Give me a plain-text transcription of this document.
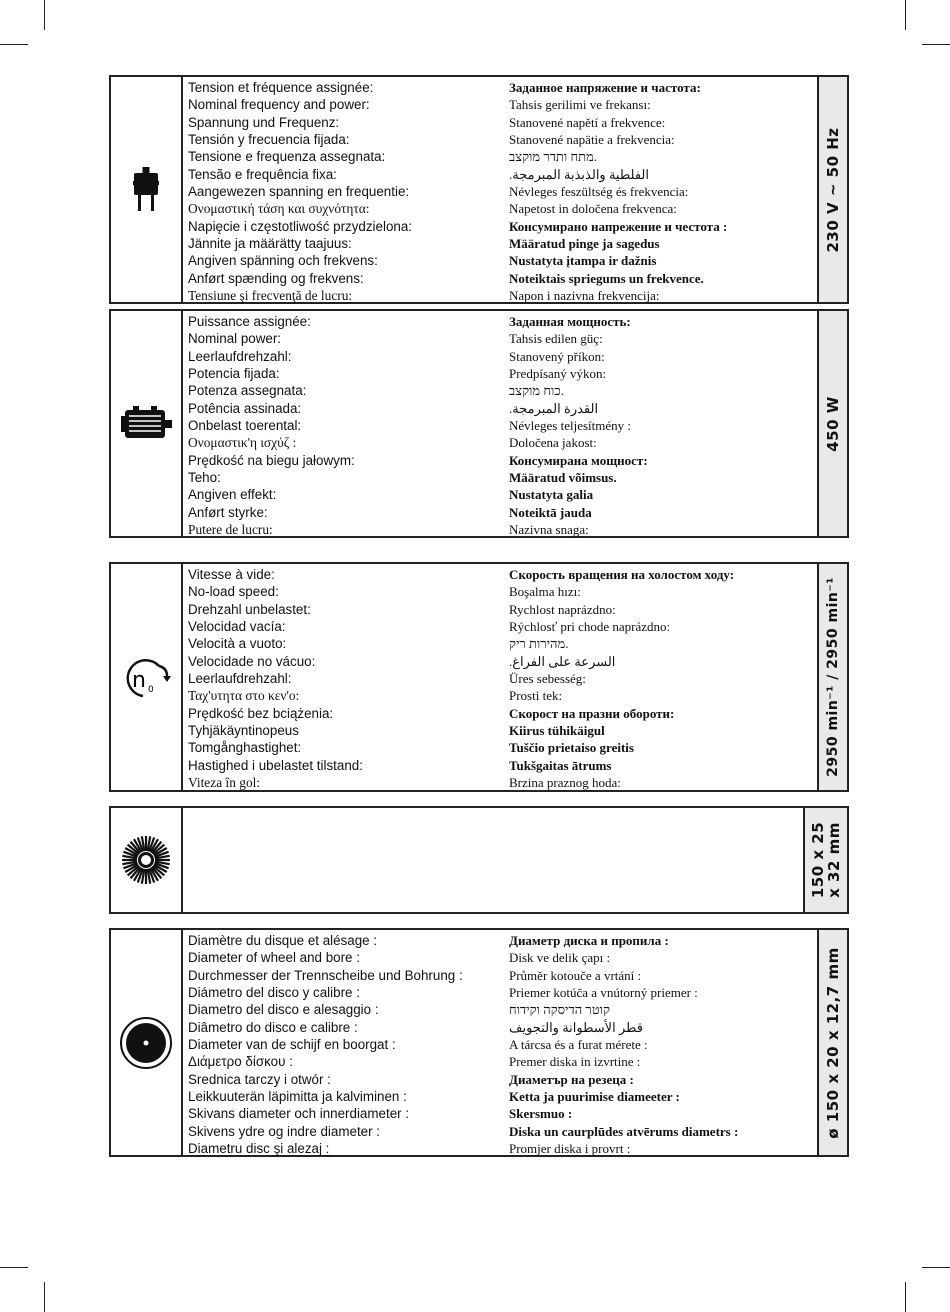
Tension et fréquence assignée:
Nominal frequency and power:
Spannung und Frequenz:
Tensión y frecuencia fijada:
Tensione e frequenza assegnata:
Tensão e frequência fixa:
Aangewezen spanning en frequentie:
Ονομαστική τάση και συχνότητα:
Napięcie i częstotliwość przydzielona:
Jännite ja määrätty taajuus:
Angiven spänning och frekvens:
Anført spænding og frekvens:
Tensiune şi frecvenţă de lucru:
Заданное напряжение и частота:
Tahsis gerilimi ve frekansı:
Stanovené napětí a frekvence:
Stanovené napätie a frekvencia:
מתח ותדר מוקצב.
.الفلطية والذبذبة المبرمجة
Névleges feszültség és frekvencia:
Napetost in določena frekvenca:
Консумирано напрежение и честота :
Määratud pinge ja sagedus
Nustatyta įtampa ir dažnis
Noteiktais spriegums un frekvence.
Napon i nazivna frekvencija:
230 V ~ 50 Hz
Puissance assignée:
Nominal power:
Leerlaufdrehzahl:
Potencia fijada:
Potenza assegnata:
Potência assinada:
Onbelast toerental:
Ονομαστικ'η ισχύζ :
Prędkość na biegu jałowym:
Teho:
Angiven effekt:
Anført styrke:
Putere de lucru:
Заданная мощность:
Tahsis edilen güç:
Stanovený příkon:
Predpísaný výkon:
כוח מוקצב.
.القدرة المبرمجة
Névleges teljesítmény :
Določena jakost:
Консумирана мощност:
Määratud võimsus.
Nustatyta galia
Noteiktā jauda
Nazivna snaga:
450 W
n 0
Vitesse à vide:
No-load speed:
Drehzahl unbelastet:
Velocidad vacía:
Velocità a vuoto:
Velocidade no vácuo:
Leerlaufdrehzahl:
Ταχ'υτητα στο κεν'ο:
Prędkość bez bciążenia:
Tyhjäkäyntinopeus
Tomgånghastighet:
Hastighed i ubelastet tilstand:
Viteza în gol:
Скорость вращения на холостом ходу:
Boşalma hızı:
Rychlost naprázdno:
Rýchlosť pri chode naprázdno:
מהירות ריק.
.السرعة على الفراغ
Üres sebesség:
Prosti tek:
Скорост на празни обороти:
Kiirus tühikäigul
Tuščio prietaiso greitis
Tukšgaitas ātrums
Brzina praznog hoda:
2950 min⁻¹ / 2950 min⁻¹
150 x 25
x 32 mm
Diamètre du disque et alésage :
Diameter of wheel and bore :
Durchmesser der Trennscheibe und Bohrung :
Diámetro del disco y calibre :
Diametro del disco e alesaggio :
Diâmetro do disco e calibre :
Diameter van de schijf en boorgat :
Διάμετρο δίσκου :
Srednica tarczy i otwór :
Leikkuuterän läpimitta ja kalviminen :
Skivans diameter och innerdiameter :
Skivens ydre og indre diameter :
Diametru disc şi alezaj :
Диаметр диска и пропила :
Disk ve delik çapı :
Průměr kotouče a vrtání :
Priemer kotúča a vnútorný priemer :
קוטר הדיסקה וקידוח
قطر الأسطوانة والتجويف
A tárcsa és a furat mérete :
Premer diska in izvrtine :
Диаметър на резеца :
Ketta ja puurimise diameeter :
Skersmuo :
Diska un caurplūdes atvērums diametrs :
Promjer diska i provrt :
ø 150 x 20 x 12,7 mm
